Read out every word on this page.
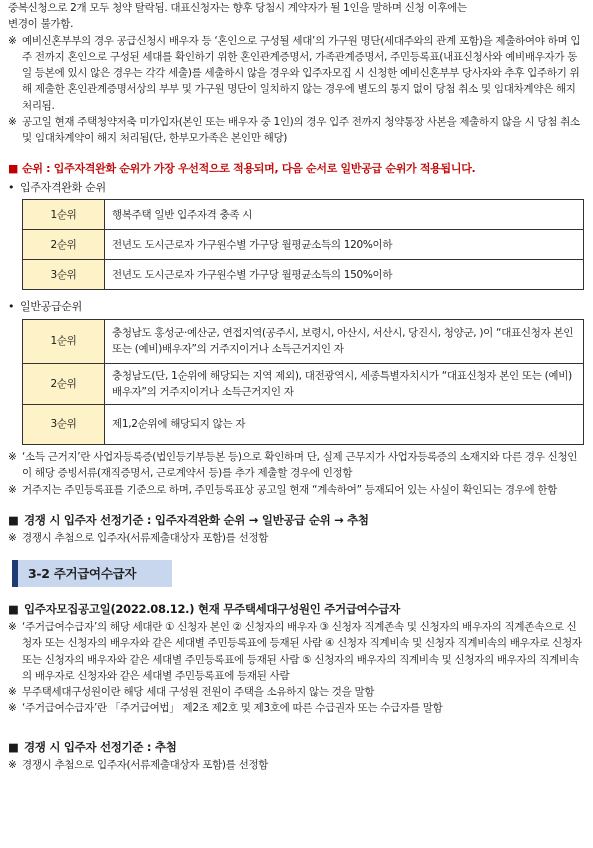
중복신청으로 2개 모두 청약 탈락됨. 대표신청자는 향후 당첨시 계약자가 될 1인을 말하며 신청 이후에는
변경이 불가함.
※ 예비신혼부부의 경우 공급신청시 배우자 등 ‘혼인으로 구성될 세대’의 가구원 명단(세대주와의 관계 포함)을 제출하여야 하며 입주 전까지 혼인으로 구성된 세대를 확인하기 위한 혼인관계증명서, 가족관계증명서, 주민등록표(내표신청사와 예비배우자가 동일 등본에 있시 않은 경우는 각각 세출)를 세출하시 않을 경우와 입주자모집 시 신청한 예비신혼부부 당사자와 추후 입주하기 위해 제출한 혼인관계증명서상의 부부 및 가구원 명단이 일치하지 않는 경우에 별도의 통지 없이 당첨 취소 및 임대차계약은 해지 처리됨.
※ 공고일 현재 주택청약저축 미가입자(본인 또는 배우자 중 1인)의 경우 입주 전까지 청약통장 사본을 제출하지 않을 시 당첨 취소 및 임대차계약이 해지 처리됨(단, 한부모가족은 본인만 해당)
■ 순위 : 입주자격완화 순위가 가장 우선적으로 적용되며, 다음 순서로 일반공급 순위가 적용됩니다.
• 입주자격완화 순위
1순위	행복주택 일반 입주자격 충족 시
2순위	전년도 도시근로자 가구원수별 가구당 월평균소득의 120%이하
3순위	전년도 도시근로자 가구원수별 가구당 월평균소득의 150%이하
• 일반공급순위
1순위	충청남도 홍성군·예산군, 연접지역(공주시, 보령시, 아산시, 서산시, 당진시, 청양군, )이 “대표신청자 본인 또는 (예비)배우자”의 거주지이거나 소득근거지인 자
2순위	충청남도(단, 1순위에 해당되는 지역 제외), 대전광역시, 세종특별자치시가 “대표신청자 본인 또는 (예비)배우자”의 거주지이거나 소득근거지인 자
3순위	제1,2순위에 해당되지 않는 자
※ ‘소득 근거지’란 사업자등록증(법인등기부등본 등)으로 확인하며 단, 실제 근무지가 사업자등록증의 소재지와 다른 경우 신청인이 해당 증빙서류(재직증명서, 근로계약서 등)를 추가 제출할 경우에 인정함
※ 거주지는 주민등록표를 기준으로 하며, 주민등록표상 공고일 현재 “계속하여” 등재되어 있는 사실이 확인되는 경우에 한함
■ 경쟁 시 입주자 선정기준 : 입주자격완화 순위 → 일반공급 순위 → 추첨
※ 경쟁시 추첨으로 입주자(서류제출대상자 포함)를 선정함
3-2 주거급여수급자
■ 입주자모집공고일(2022.08.12.) 현재 무주택세대구성원인 주거급여수급자
※ ‘주거급여수급자’의 해당 세대란 ① 신청자 본인 ② 신청자의 배우자 ③ 신청자 직계존속 및 신청자의 배우자의 직계존속으로 신청자 또는 신청자의 배우자와 같은 세대별 주민등록표에 등재된 사람 ④ 신청자 직계비속 및 신청자 직계비속의 배우자로 신청자 또는 신청자의 배우자와 같은 세대별 주민등록표에 등재된 사람 ⑤ 신청자의 배우자의 직계비속 및 신청자의 배우자의 직계비속의 배우자로 신청자와 같은 세대별 주민등록표에 등재된 사람
※ 무주택세대구성원이란 해당 세대 구성원 전원이 주택을 소유하지 않는 것을 말함
※ ‘주거급여수급자’란 「주거급여법」 제2조 제2호 및 제3호에 따른 수급권자 또는 수급자를 말함
■ 경쟁 시 입주자 선정기준 : 추첨
※ 경쟁시 추첨으로 입주자(서류제출대상자 포함)를 선정함
